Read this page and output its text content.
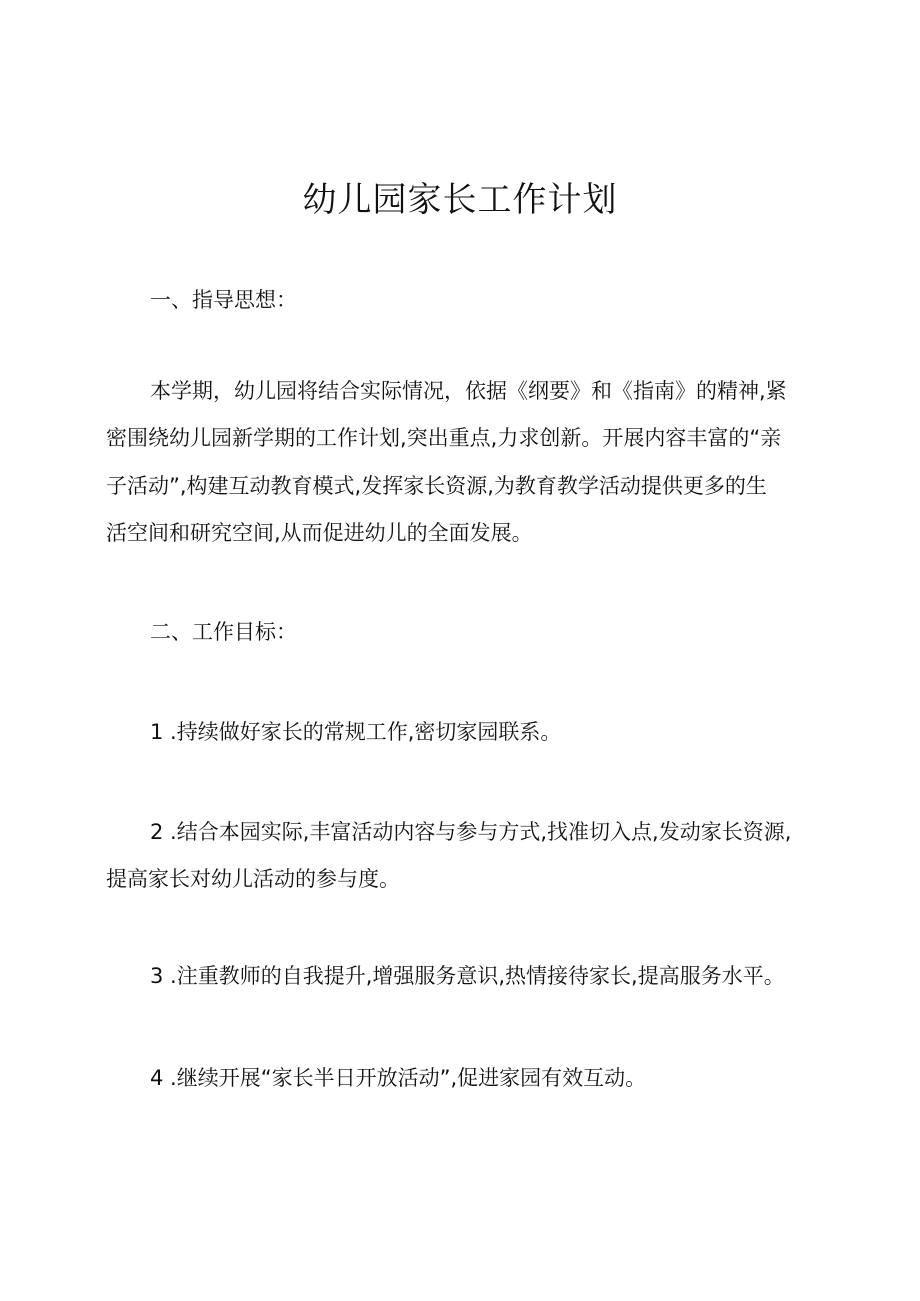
幼儿园家长工作计划
一、指导思想：
本学期，幼儿园将结合实际情况，依据《纲要》和《指南》的精神,紧
密围绕幼儿园新学期的工作计划,突出重点,力求创新。开展内容丰富的“亲
子活动”,构建互动教育模式,发挥家长资源,为教育教学活动提供更多的生
活空间和研究空间,从而促进幼儿的全面发展。
二、工作目标：
1 .持续做好家长的常规工作,密切家园联系。
2 .结合本园实际,丰富活动内容与参与方式,找准切入点,发动家长资源,
提高家长对幼儿活动的参与度。
3 .注重教师的自我提升,增强服务意识,热情接待家长,提高服务水平。
4 .继续开展“家长半日开放活动”,促进家园有效互动。
